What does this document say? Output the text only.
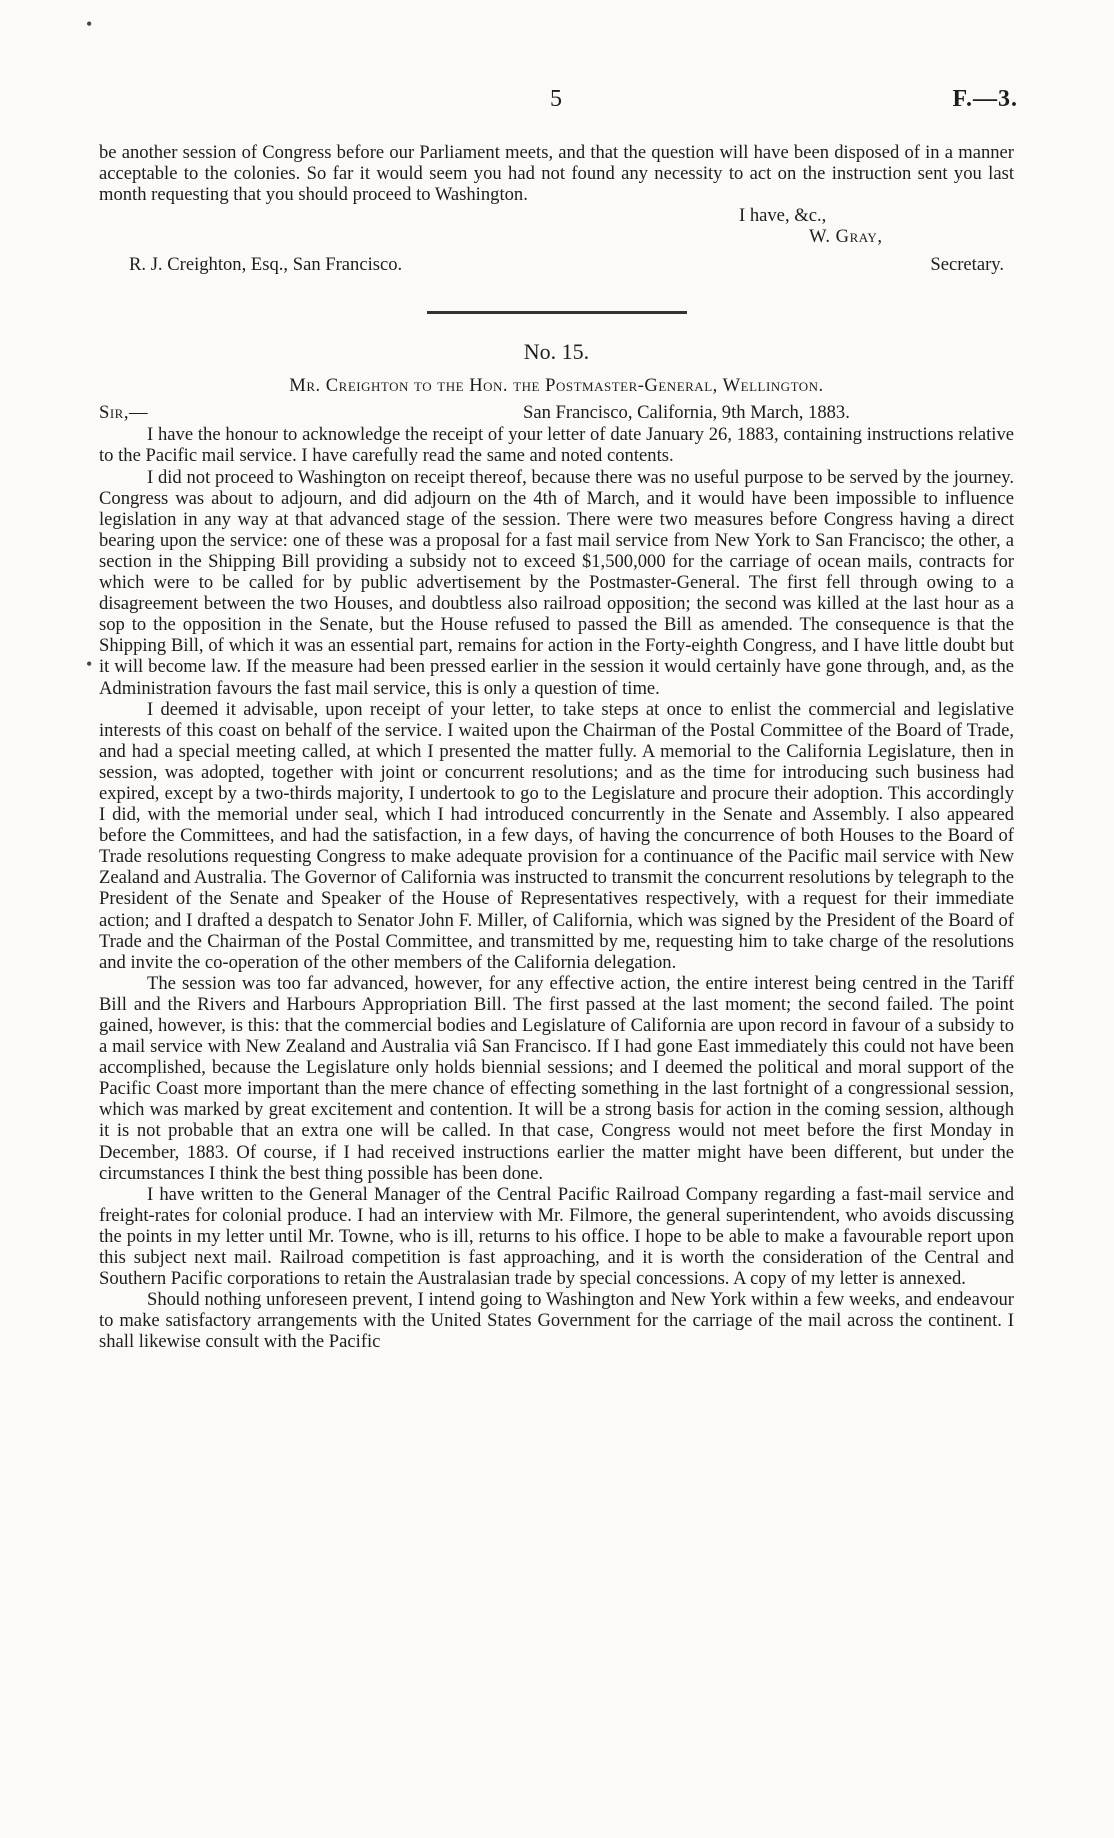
•
•
5	F.—3.

be another session of Congress before our Parliament meets, and that the question will have been disposed of in a manner acceptable to the colonies. So far it would seem you had not found any necessity to act on the instruction sent you last month requesting that you should proceed to Washington.

I have, &c.,
W. Gray,
R. J. Creighton, Esq., San Francisco.	Secretary.
No. 15.
Mr. Creighton to the Hon. the Postmaster-General, Wellington.
Sir,—	San Francisco, California, 9th March, 1883.

I have the honour to acknowledge the receipt of your letter of date January 26, 1883, containing instructions relative to the Pacific mail service. I have carefully read the same and noted contents.

I did not proceed to Washington on receipt thereof, because there was no useful purpose to be served by the journey. Congress was about to adjourn, and did adjourn on the 4th of March, and it would have been impossible to influence legislation in any way at that advanced stage of the session. There were two measures before Congress having a direct bearing upon the service: one of these was a proposal for a fast mail service from New York to San Francisco; the other, a section in the Shipping Bill providing a subsidy not to exceed $1,500,000 for the carriage of ocean mails, contracts for which were to be called for by public advertisement by the Postmaster-General. The first fell through owing to a disagreement between the two Houses, and doubtless also railroad opposition; the second was killed at the last hour as a sop to the opposition in the Senate, but the House refused to passed the Bill as amended. The consequence is that the Shipping Bill, of which it was an essential part, remains for action in the Forty-eighth Congress, and I have little doubt but it will become law. If the measure had been pressed earlier in the session it would certainly have gone through, and, as the Administration favours the fast mail service, this is only a question of time.

I deemed it advisable, upon receipt of your letter, to take steps at once to enlist the commercial and legislative interests of this coast on behalf of the service. I waited upon the Chairman of the Postal Committee of the Board of Trade, and had a special meeting called, at which I presented the matter fully. A memorial to the California Legislature, then in session, was adopted, together with joint or concurrent resolutions; and as the time for introducing such business had expired, except by a two-thirds majority, I undertook to go to the Legislature and procure their adoption. This accordingly I did, with the memorial under seal, which I had introduced concurrently in the Senate and Assembly. I also appeared before the Committees, and had the satisfaction, in a few days, of having the concurrence of both Houses to the Board of Trade resolutions requesting Congress to make adequate provision for a continuance of the Pacific mail service with New Zealand and Australia. The Governor of California was instructed to transmit the concurrent resolutions by telegraph to the President of the Senate and Speaker of the House of Representatives respectively, with a request for their immediate action; and I drafted a despatch to Senator John F. Miller, of California, which was signed by the President of the Board of Trade and the Chairman of the Postal Committee, and transmitted by me, requesting him to take charge of the resolutions and invite the co-operation of the other members of the California delegation.

The session was too far advanced, however, for any effective action, the entire interest being centred in the Tariff Bill and the Rivers and Harbours Appropriation Bill. The first passed at the last moment; the second failed. The point gained, however, is this: that the commercial bodies and Legislature of California are upon record in favour of a subsidy to a mail service with New Zealand and Australia viâ San Francisco. If I had gone East immediately this could not have been accomplished, because the Legislature only holds biennial sessions; and I deemed the political and moral support of the Pacific Coast more important than the mere chance of effecting something in the last fortnight of a congressional session, which was marked by great excitement and contention. It will be a strong basis for action in the coming session, although it is not probable that an extra one will be called. In that case, Congress would not meet before the first Monday in December, 1883. Of course, if I had received instructions earlier the matter might have been different, but under the circumstances I think the best thing possible has been done.

I have written to the General Manager of the Central Pacific Railroad Company regarding a fast-mail service and freight-rates for colonial produce. I had an interview with Mr. Filmore, the general superintendent, who avoids discussing the points in my letter until Mr. Towne, who is ill, returns to his office. I hope to be able to make a favourable report upon this subject next mail. Railroad competition is fast approaching, and it is worth the consideration of the Central and Southern Pacific corporations to retain the Australasian trade by special concessions. A copy of my letter is annexed.

Should nothing unforeseen prevent, I intend going to Washington and New York within a few weeks, and endeavour to make satisfactory arrangements with the United States Government for the carriage of the mail across the continent. I shall likewise consult with the Pacific
